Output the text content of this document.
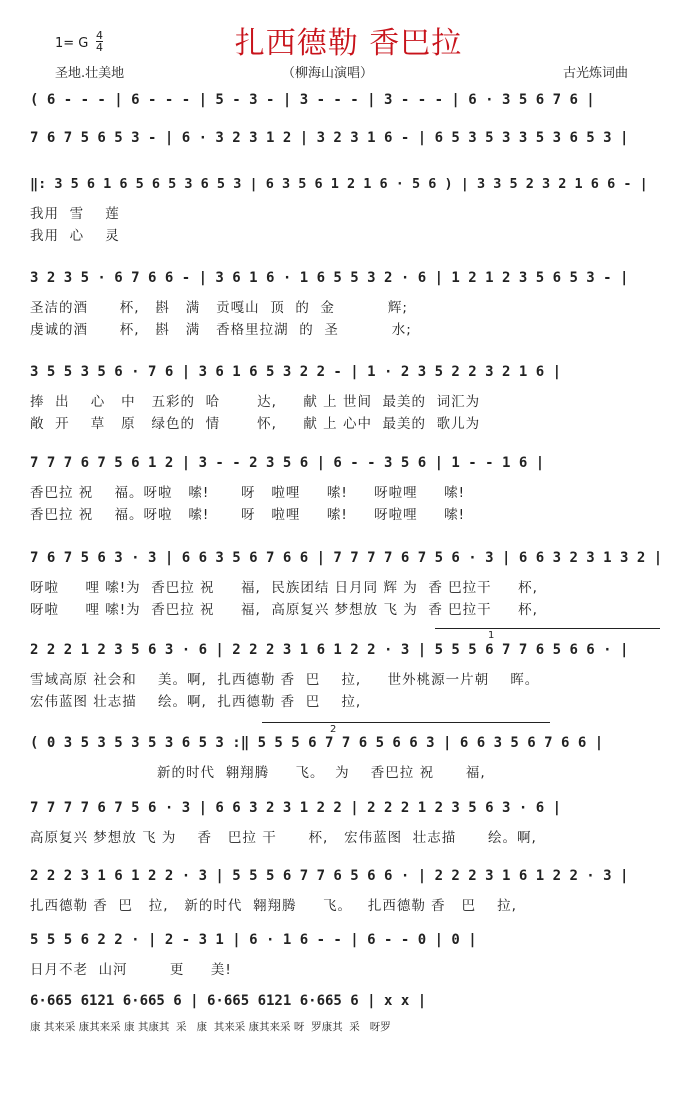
扎西德勒 香巴拉
1= G
4
4
圣地.壮美地	（柳海山演唱）	古光炼词曲
( 6 - - - | 6 - - - | 5 - 3 - | 3 - - - | 3 - - - | 6 · 3 5 6 7 6 |
7 6 7 5 6 5 3 - | 6 · 3 2 3 1 2 | 3 2 3 1 6 - | 6 5 3 5 3 3 5 3 6 5 3 |
‖: 3 5 6 1 6 5 6 5 3 6 5 3 | 6 3 5 6 1 2 1 6 · 5 6 ) | 3 3 5 2 3 2 1 6 6 - |
我用  雪    莲
我用  心    灵
3 2 3 5 · 6 7 6 6 - | 3 6 1 6 · 1 6 5 5 3 2 · 6 | 1 2 1 2 3 5 6 5 3 - |
圣洁的酒      杯,   斟   满   贡嘎山  顶  的  金          辉;
虔诚的酒      杯,   斟   满   香格里拉湖  的  圣          水;
3 5 5 3 5 6 · 7 6 | 3 6 1 6 5 3 2 2 - | 1 · 2 3 5 2 2 3 2 1 6 |
捧  出    心   中   五彩的  哈       达,     献 上 世间  最美的  词汇为
敞  开    草   原   绿色的  情       怀,     献 上 心中  最美的  歌儿为
7 7 7 6 7 5 6 1 2 | 3 - - 2 3 5 6 | 6 - - 3 5 6 | 1 - - 1 6 |
香巴拉 祝    福。呀啦   嗦!      呀   啦哩     嗦!     呀啦哩     嗦!
香巴拉 祝    福。呀啦   嗦!      呀   啦哩     嗦!     呀啦哩     嗦!
7 6 7 5 6 3 · 3 | 6 6 3 5 6 7 6 6 | 7 7 7 7 6 7 5 6 · 3 | 6 6 3 2 3 1 3 2 |
呀啦     哩 嗦!为  香巴拉 祝     福,  民族团结 日月同 辉 为  香 巴拉干     杯,
呀啦     哩 嗦!为  香巴拉 祝     福,  高原复兴 梦想放 飞 为  香 巴拉干     杯,
2 2 2 1 2 3 5 6 3 · 6 | 2 2 2 3 1 6 1 2 2 · 3 | 5 5 5 6 7 7 6 5 6 6 · |
雪域高原 社会和    美。啊,  扎西德勒 香  巴    拉,     世外桃源一片朝    晖。
宏伟蓝图 壮志描    绘。啊,  扎西德勒 香  巴    拉,
( 0 3 5 3 5 3 5 3 6 5 3 :‖ 5 5 5 6 7 7 6 5 6 6 3 | 6 6 3 5 6 7 6 6 |
新的时代  翱翔腾     飞。  为    香巴拉 祝      福,
7 7 7 7 6 7 5 6 · 3 | 6 6 3 2 3 1 2 2 | 2 2 2 1 2 3 5 6 3 · 6 |
高原复兴 梦想放 飞 为    香   巴拉 干      杯,   宏伟蓝图  壮志描      绘。啊,
2 2 2 3 1 6 1 2 2 · 3 | 5 5 5 6 7 7 6 5 6 6 · | 2 2 2 3 1 6 1 2 2 · 3 |
扎西德勒 香  巴   拉,   新的时代  翱翔腾     飞。   扎西德勒 香   巴    拉,
5 5 5 6 2 2 · | 2 - 3 1 | 6 · 1 6 - - | 6 - - 0 | 0 |
日月不老  山河        更     美!
6·665 6121 6·665 6 | 6·665 6121 6·665 6 | x x |
康 其来采 康其来采 康 其康其  采   康  其来采 康其来采 呀  罗康其  采   呀罗
1
2
